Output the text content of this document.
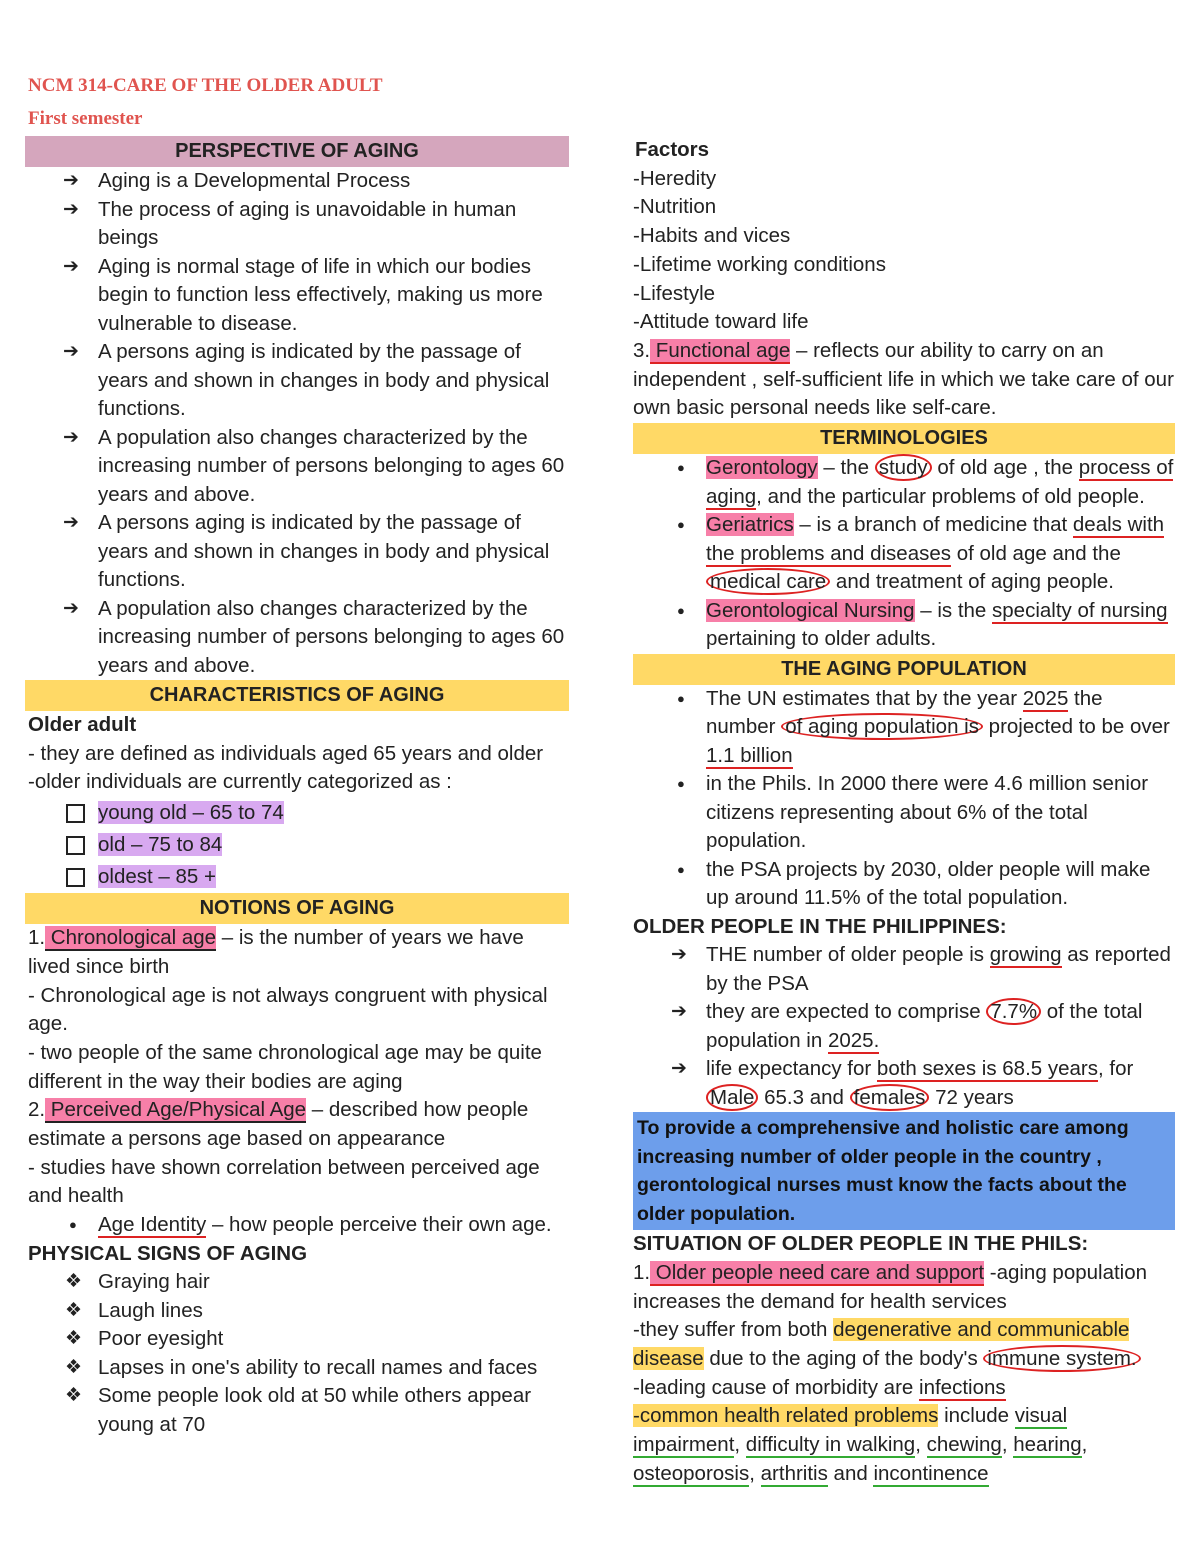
NCM 314-CARE OF THE OLDER ADULT
First semester
PERSPECTIVE OF AGING
➔ Aging is a Developmental Process
➔ The process of aging is unavoidable in human beings
➔ Aging is normal stage of life in which our bodies begin to function less effectively, making us more vulnerable to disease.
➔ A persons aging is indicated by the passage of years and shown in changes in body and physical functions.
➔ A population also changes characterized by the increasing number of persons belonging to ages 60 years and above.
➔ A persons aging is indicated by the passage of years and shown in changes in body and physical functions.
➔ A population also changes characterized by the increasing number of persons belonging to ages 60 years and above.
CHARACTERISTICS OF AGING
Older adult
- they are defined as individuals aged 65 years and older
-older individuals are currently categorized as :
young old – 65 to 74
old – 75 to 84
oldest – 85 +
NOTIONS OF AGING
1. Chronological age – is the number of years we have lived since birth
- Chronological age is not always congruent with physical age.
- two people of the same chronological age may be quite different in the way their bodies are aging
2. Perceived Age/Physical Age – described how people estimate a persons age based on appearance
- studies have shown correlation between perceived age and health
● Age Identity – how people perceive their own age.
PHYSICAL SIGNS OF AGING
❖ Graying hair
❖ Laugh lines
❖ Poor eyesight
❖ Lapses in one's ability to recall names and faces
❖ Some people look old at 50 while others appear young at 70
Factors
-Heredity
-Nutrition
-Habits and vices
-Lifetime working conditions
-Lifestyle
-Attitude toward life
3. Functional age – reflects our ability to carry on an independent , self-sufficient life in which we take care of our own basic personal needs like self-care.
TERMINOLOGIES
● Gerontology – the study of old age , the process of aging, and the particular problems of old people.
● Geriatrics – is a branch of medicine that deals with the problems and diseases of old age and the medical care and treatment of aging people.
● Gerontological Nursing – is the specialty of nursing pertaining to older adults.
THE AGING POPULATION
● The UN estimates that by the year 2025 the number of aging population is projected to be over 1.1 billion
● in the Phils. In 2000 there were 4.6 million senior citizens representing about 6% of the total population.
● the PSA projects by 2030, older people will make up around 11.5% of the total population.
OLDER PEOPLE IN THE PHILIPPINES:
➔ THE number of older people is growing as reported by the PSA
➔ they are expected to comprise 7.7% of the total population in 2025.
➔ life expectancy for both sexes is 68.5 years, for Male 65.3 and females 72 years
To provide a comprehensive and holistic care among increasing number of older people in the country , gerontological nurses must know the facts about the older population.
SITUATION OF OLDER PEOPLE IN THE PHILS:
1. Older people need care and support -aging population increases the demand for health services
-they suffer from both degenerative and communicable disease due to the aging of the body's immune system.
-leading cause of morbidity are infections
-common health related problems include visual impairment, difficulty in walking, chewing, hearing, osteoporosis, arthritis and incontinence
